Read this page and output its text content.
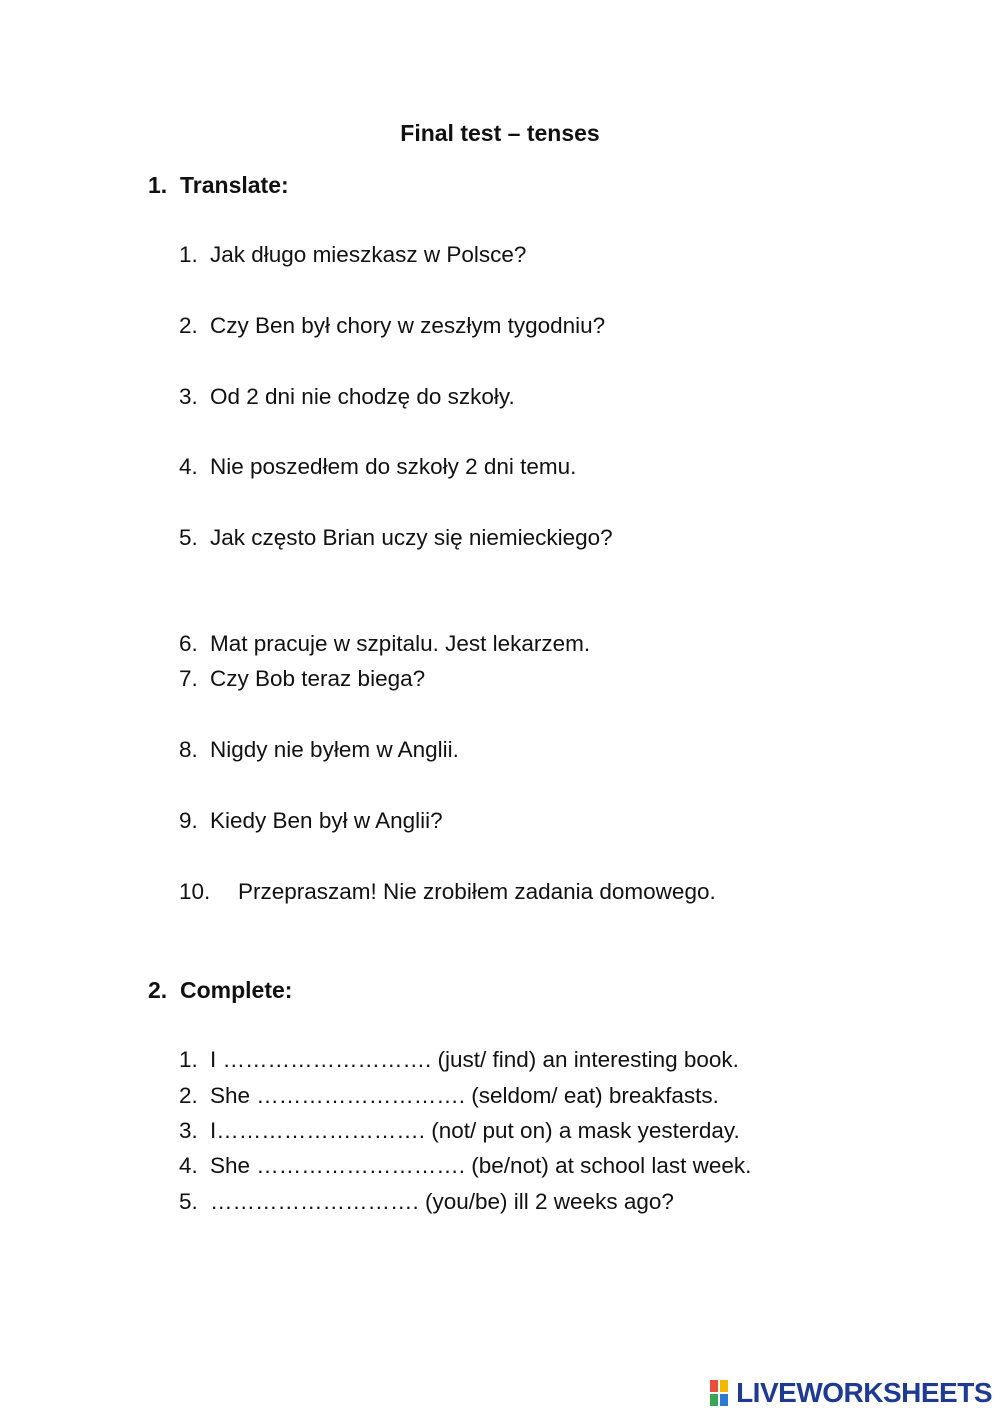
Final test – tenses
1. Translate:
1. Jak długo mieszkasz w Polsce?
2. Czy Ben był chory w zeszłym tygodniu?
3. Od 2 dni nie chodzę do szkoły.
4. Nie poszedłem do szkoły 2 dni temu.
5. Jak często Brian uczy się niemieckiego?
6. Mat pracuje w szpitalu. Jest lekarzem.
7. Czy Bob teraz biega?
8. Nigdy nie byłem w Anglii.
9. Kiedy Ben był w Anglii?
10. Przepraszam! Nie zrobiłem zadania domowego.
2. Complete:
1. I ………………………. (just/ find) an interesting book.
2. She ………………………. (seldom/ eat) breakfasts.
3. I………………………. (not/ put on) a mask yesterday.
4. She ………………………. (be/not) at school last week.
5. ………………………. (you/be) ill 2 weeks ago?
LIVEWORKSHEETS
